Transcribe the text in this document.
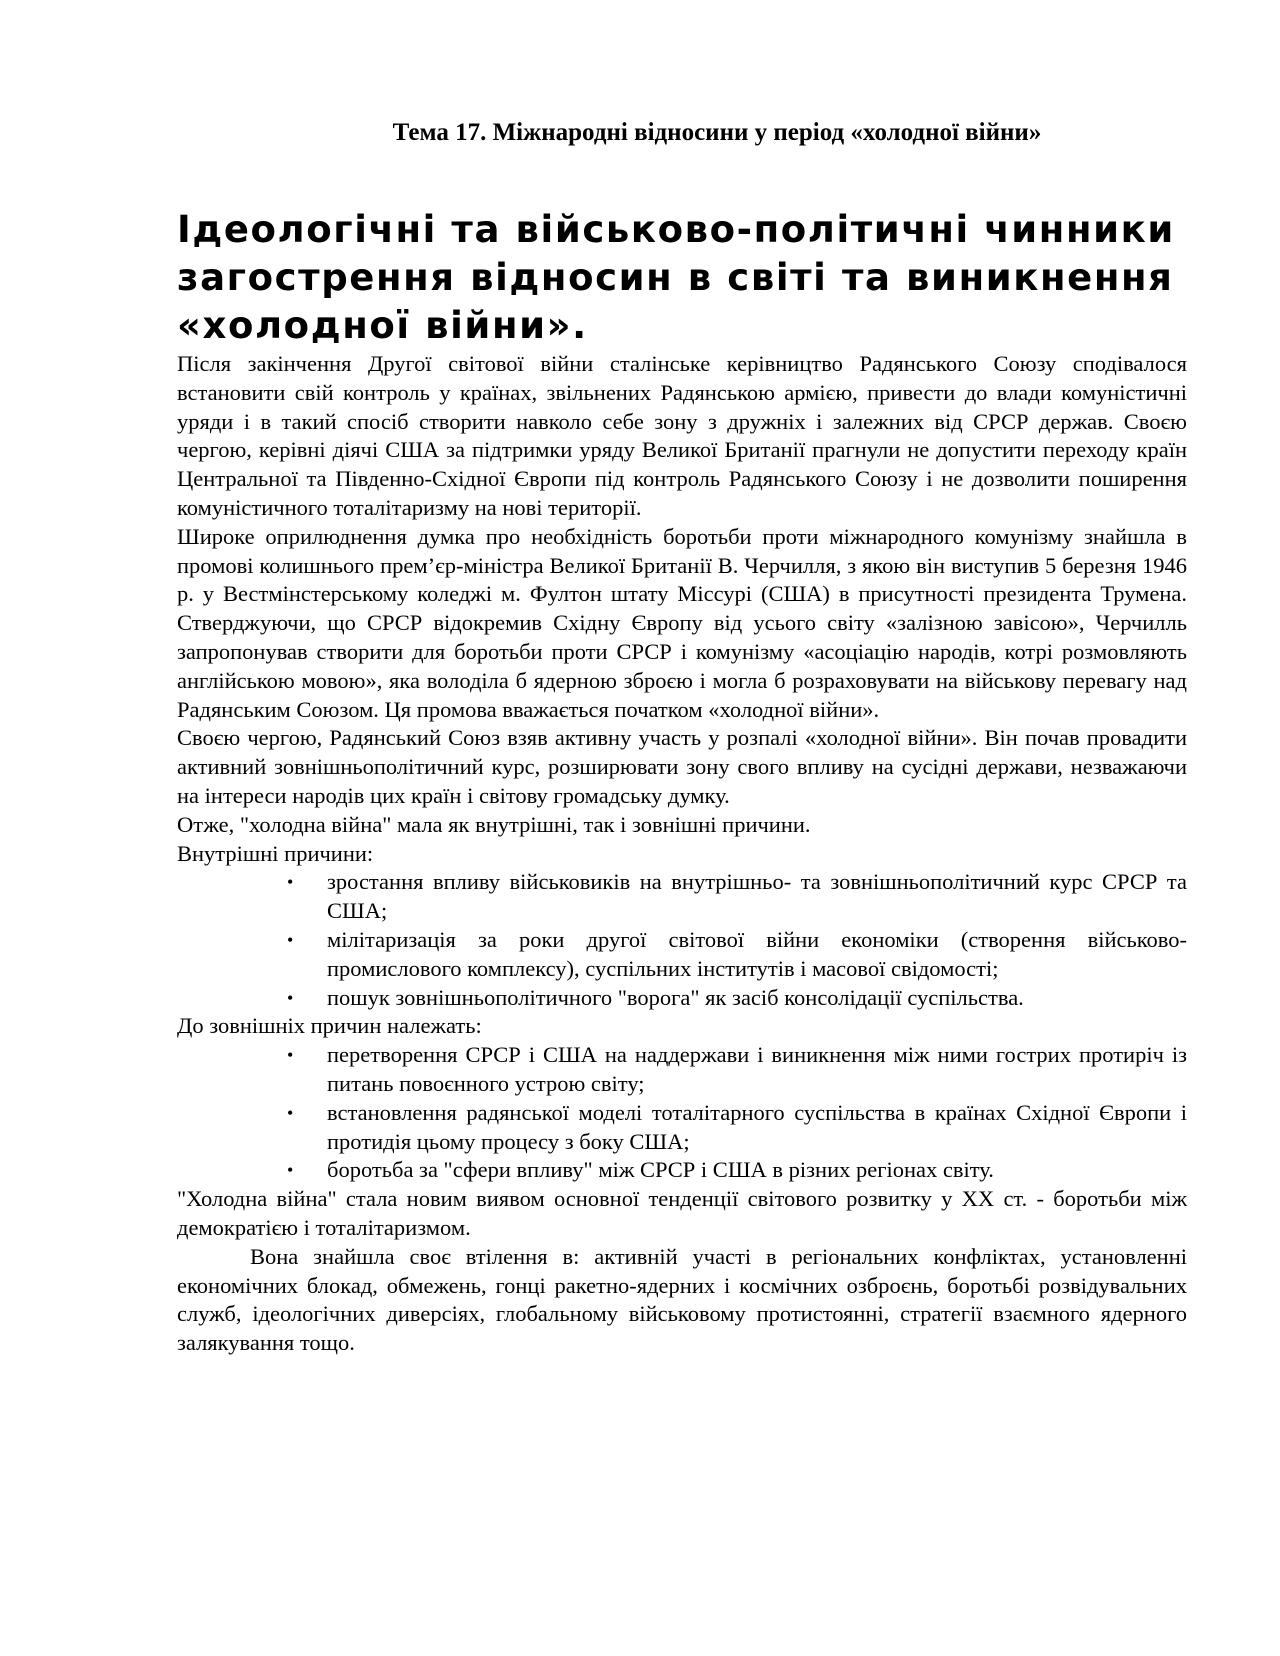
Тема 17. Міжнародні відносини у період «холодної війни»
Ідеологічні та військово-політичні чинники загострення відносин в світі та виникнення «холодної війни».

Після закінчення Другої світової війни сталінське керівництво Радянського Союзу сподівалося встановити свій контроль у країнах, звільнених Радянською армією, привести до влади комуністичні уряди і в такий спосіб створити навколо себе зону з дружніх і залежних від СРСР держав. Своєю чергою, керівні діячі США за підтримки уряду Великої Британії прагнули не допустити переходу країн Центральної та Південно-Східної Європи під контроль Радянського Союзу і не дозволити поширення комуністичного тоталітаризму на нові території.

Широке оприлюднення думка про необхідність боротьби проти міжнародного комунізму знайшла в промові колишнього прем’єр-міністра Великої Британії В. Черчилля, з якою він виступив 5 березня 1946 р. у Вестмінстерському коледжі м. Фултон штату Міссурі (США) в присутності президента Трумена. Стверджуючи, що СРСР відокремив Східну Європу від усього світу «залізною завісою», Черчилль запропонував створити для боротьби проти СРСР і комунізму «асоціацію народів, котрі розмовляють англійською мовою», яка володіла б ядерною зброєю і могла б розраховувати на військову перевагу над Радянським Союзом. Ця промова вважається початком «холодної війни».

Своєю чергою, Радянський Союз взяв активну участь у розпалі «холодної війни». Він почав провадити активний зовнішньополітичний курс, розширювати зону свого впливу на сусідні держави, незважаючи на інтереси народів цих країн і світову громадську думку.

Отже, "холодна війна" мала як внутрішні, так і зовнішні причини.

Внутрішні причини:

• зростання впливу військовиків на внутрішньо- та зовнішньополітичний курс СРСР та США;
• мілітаризація за роки другої світової війни економіки (створення військово-промислового комплексу), суспільних інститутів і масової свідомості;
• пошук зовнішньополітичного "ворога" як засіб консолідації суспільства.

До зовнішніх причин належать:

• перетворення СРСР і США на наддержави і виникнення між ними гострих протиріч із питань повоєнного устрою світу;
• встановлення радянської моделі тоталітарного суспільства в країнах Східної Європи і протидія цьому процесу з боку США;
• боротьба за "сфери впливу" між СРСР і США в різних регіонах світу.

"Холодна війна" стала новим виявом основної тенденції світового розвитку у XX ст. - боротьби між демократією і тоталітаризмом.

Вона знайшла своє втілення в: активній участі в регіональних конфліктах, установленні економічних блокад, обмежень, гонці ракетно-ядерних і космічних озброєнь, боротьбі розвідувальних служб, ідеологічних диверсіях, глобальному військовому протистоянні, стратегії взаємного ядерного залякування тощо.
